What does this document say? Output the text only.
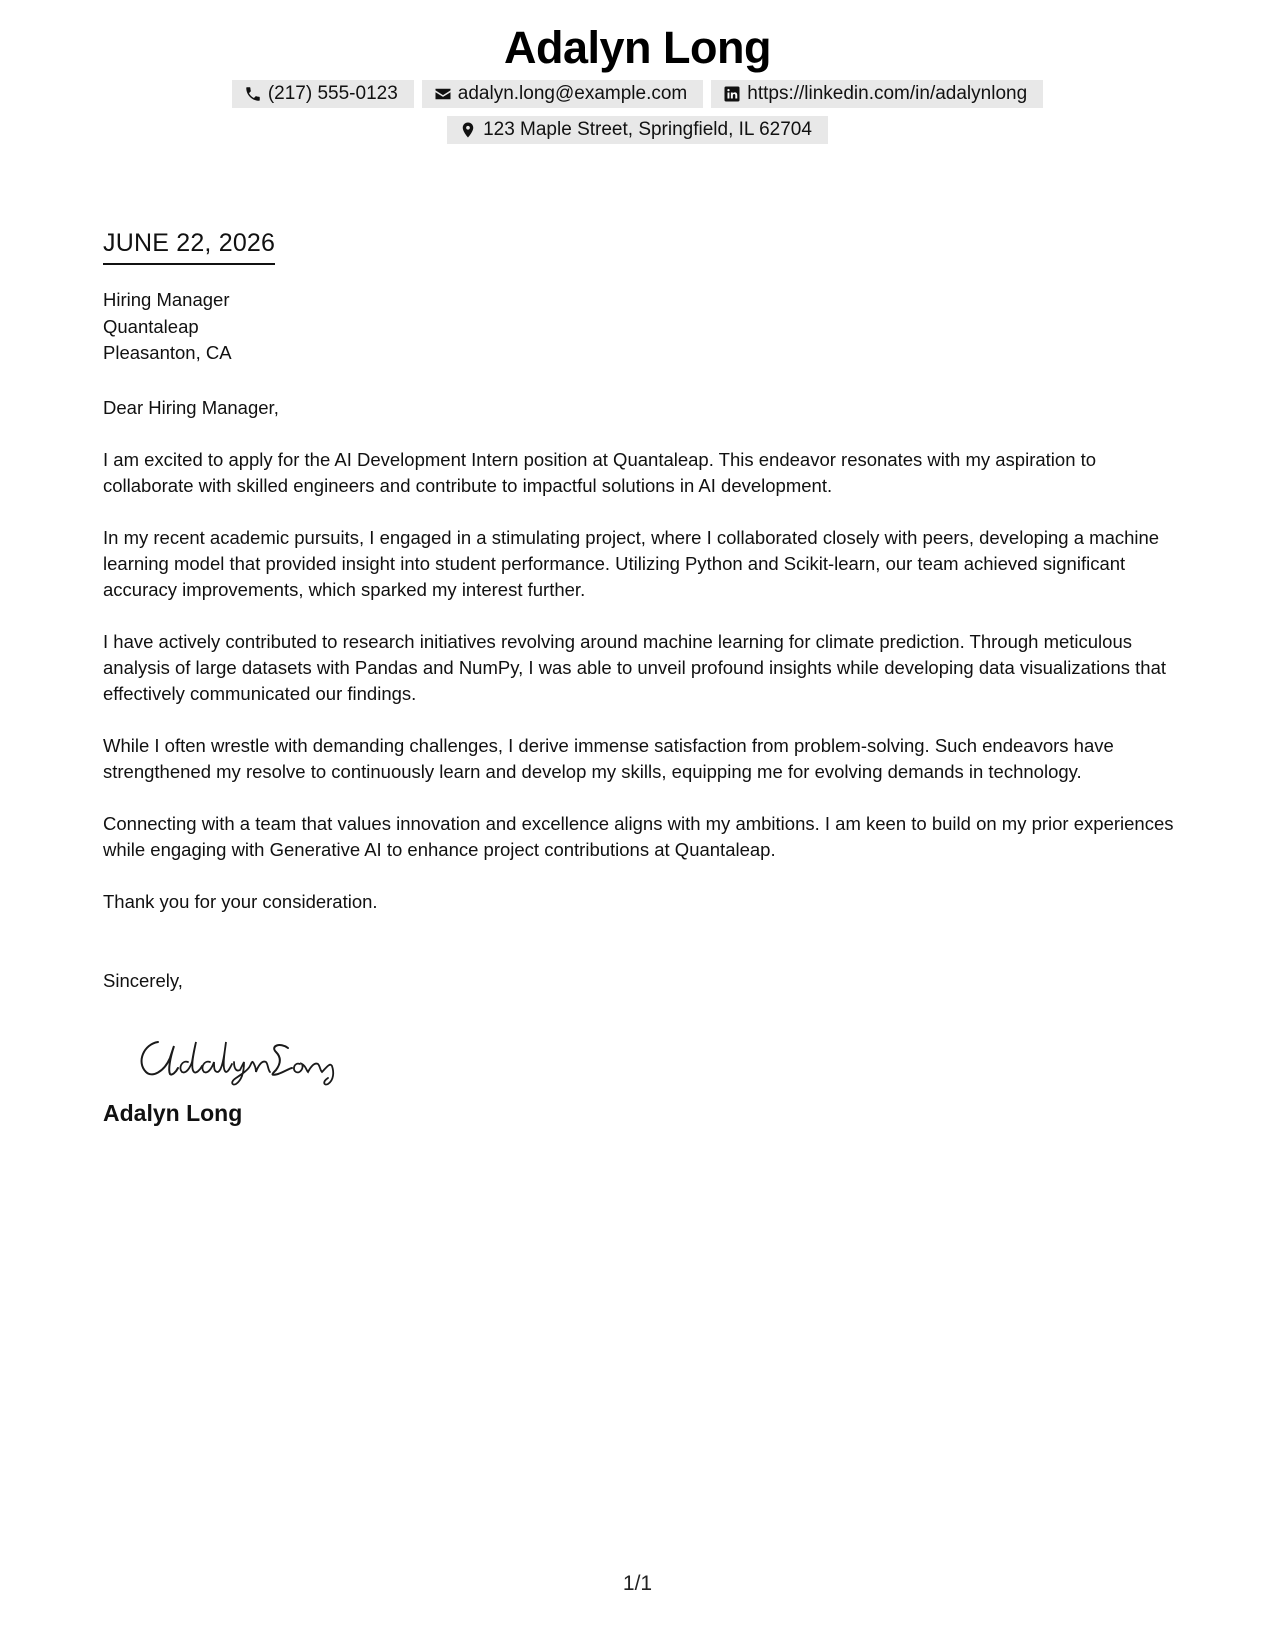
Adalyn Long
(217) 555-0123	adalyn.long@example.com	https://linkedin.com/in/adalynlong
123 Maple Street, Springfield, IL 62704
JUNE 22, 2026
Hiring Manager
Quantaleap
Pleasanton, CA
Dear Hiring Manager,

I am excited to apply for the AI Development Intern position at Quantaleap. This endeavor resonates with my aspiration to collaborate with skilled engineers and contribute to impactful solutions in AI development.

In my recent academic pursuits, I engaged in a stimulating project, where I collaborated closely with peers, developing a machine learning model that provided insight into student performance. Utilizing Python and Scikit-learn, our team achieved significant accuracy improvements, which sparked my interest further.

I have actively contributed to research initiatives revolving around machine learning for climate prediction. Through meticulous analysis of large datasets with Pandas and NumPy, I was able to unveil profound insights while developing data visualizations that effectively communicated our findings.

While I often wrestle with demanding challenges, I derive immense satisfaction from problem-solving. Such endeavors have strengthened my resolve to continuously learn and develop my skills, equipping me for evolving demands in technology.

Connecting with a team that values innovation and excellence aligns with my ambitions. I am keen to build on my prior experiences while engaging with Generative AI to enhance project contributions at Quantaleap.

Thank you for your consideration.
Sincerely,
Adalyn Long
1/1
